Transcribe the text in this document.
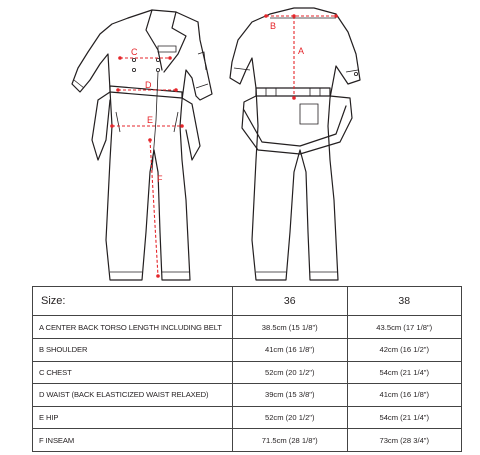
C
D
E
F
B
A
Size:	36	38
A CENTER BACK TORSO LENGTH INCLUDING BELT	38.5cm (15 1/8")	43.5cm (17 1/8")
B SHOULDER	41cm (16 1/8")	42cm (16 1/2")
C CHEST	52cm (20 1/2")	54cm (21 1/4")
D WAIST (BACK ELASTICIZED WAIST RELAXED)	39cm (15 3/8")	41cm (16 1/8")
E HIP	52cm (20 1/2")	54cm (21 1/4")
F INSEAM	71.5cm (28 1/8")	73cm (28 3/4")
